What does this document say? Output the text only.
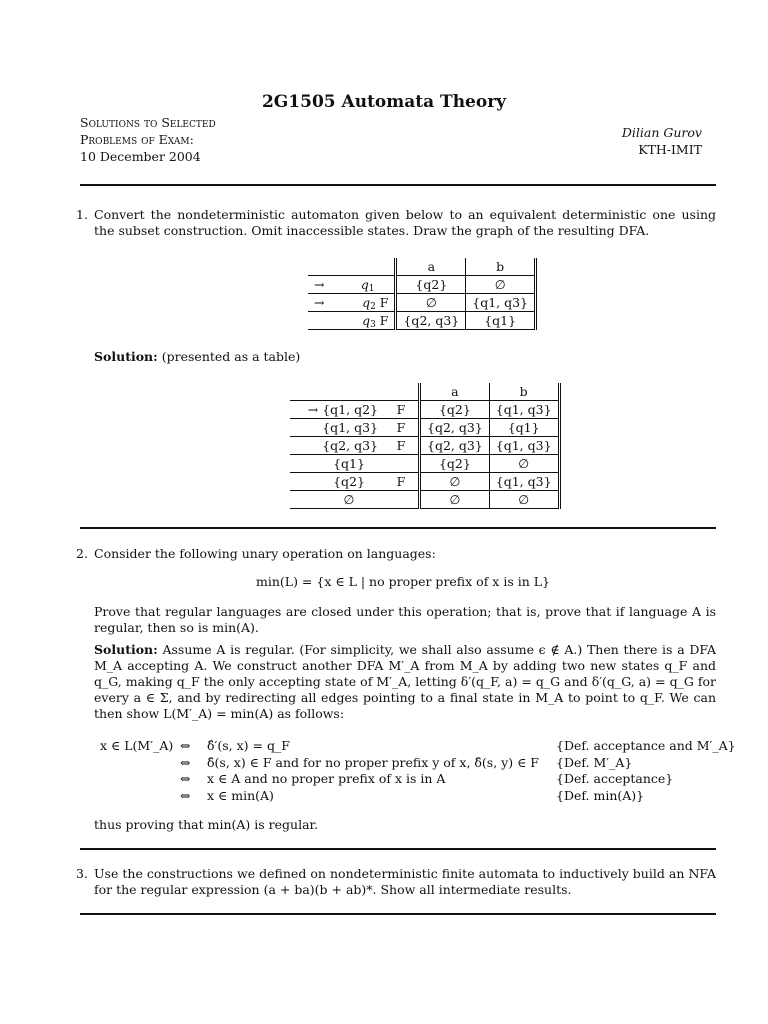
2G1505 Automata Theory
Solutions to Selected
Problems of Exam:
10 December 2004
Dilian Gurov
KTH-IMIT
1. Convert the nondeterministic automaton given below to an equivalent deterministic one using the subset construction. Omit inaccessible states. Draw the graph of the resulting DFA.
		a	b
→	$q_1$	{q2}	∅
→	$q_2$ F	∅	{q1, q3}
	$q_3$ F	{q2, q3}	{q1}
Solution: (presented as a table)
		a	b
→ {q1, q2}	F	{q2}	{q1, q3}
{q1, q3}	F	{q2, q3}	{q1}
{q2, q3}	F	{q2, q3}	{q1, q3}
{q1}		{q2}	∅
{q2}	F	∅	{q1, q3}
∅		∅	∅
2. Consider the following unary operation on languages:
min(L) = {x ∈ L | no proper prefix of x is in L}
Prove that regular languages are closed under this operation; that is, prove that if language A is regular, then so is min(A).
Solution: Assume A is regular. (For simplicity, we shall also assume ϵ ∉ A.) Then there is a DFA M_A accepting A. We construct another DFA M′_A from M_A by adding two new states q_F and q_G, making q_F the only accepting state of M′_A, letting δ′(q_F, a) = q_G and δ′(q_G, a) = q_G for every a ∈ Σ, and by redirecting all edges pointing to a final state in M_A to point to q_F. We can then show L(M′_A) = min(A) as follows:
x ∈ L(M′_A) ⇔ δ̂′(s, x) = q_F	{Def. acceptance and M′_A}
⇔ δ̂(s, x) ∈ F and for no proper prefix y of x, δ̂(s, y) ∈ F {Def. M′_A}
⇔ x ∈ A and no proper prefix of x is in A	{Def. acceptance}
⇔ x ∈ min(A)	{Def. min(A)}
thus proving that min(A) is regular.
3. Use the constructions we defined on nondeterministic finite automata to inductively build an NFA for the regular expression (a + ba)(b + ab)*. Show all intermediate results.
